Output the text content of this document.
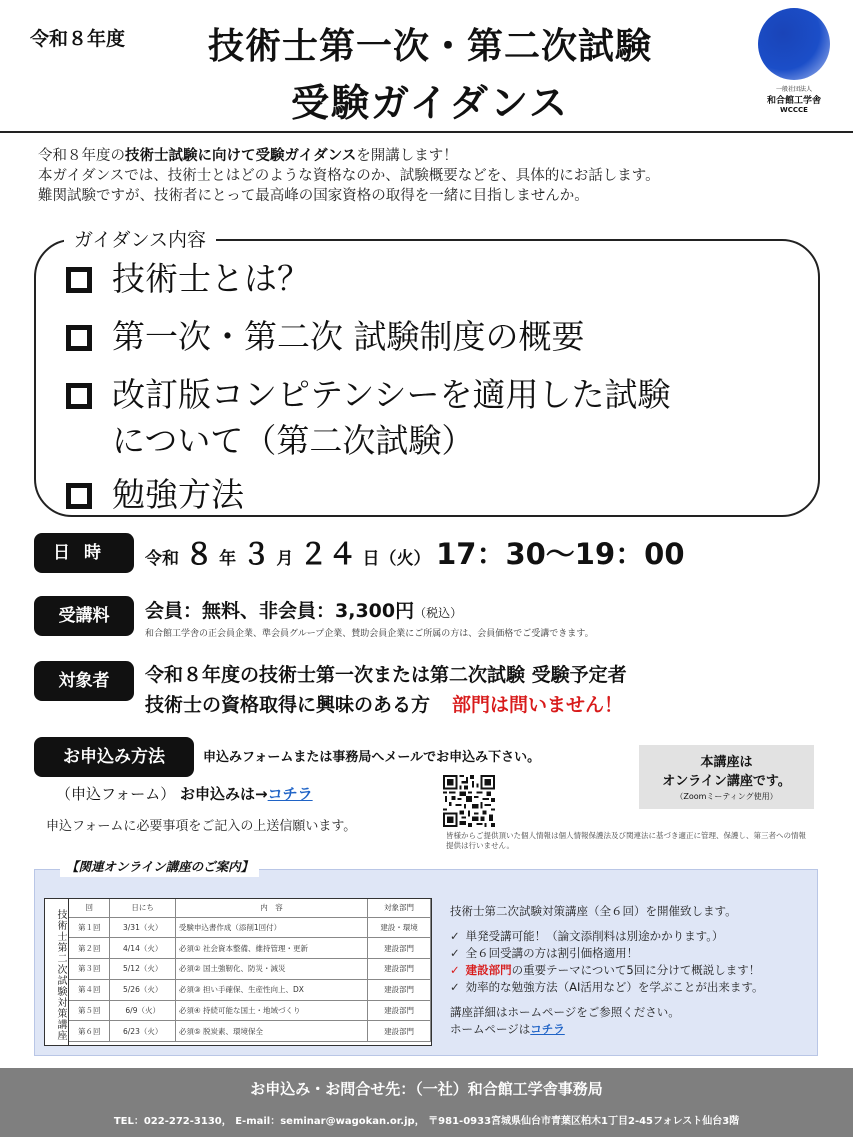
令和８年度	技術士第一次・第二次試験
受験ガイダンス	一般社団法人
和合館工学舎
WCCCE
令和８年度の技術士試験に向けて受験ガイダンスを開講します！
本ガイダンスでは、技術士とはどのような資格なのか、試験概要などを、具体的にお話します。
難関試験ですが、技術者にとって最高峰の国家資格の取得を一緒に目指しませんか。
ガイダンス内容
技術士とは？
第一次・第二次 試験制度の概要
改訂版コンピテンシーを適用した試験
について（第二次試験）
勉強方法
日時	令和 ８ 年 ３ 月 ２４ 日（火） 17：30〜19：00
受講料	会員：無料、非会員：3,300円（税込）
和合館工学舎の正会員企業、準会員グループ企業、賛助会員企業にご所属の方は、会員価格でご受講できます。
対象者	令和８年度の技術士第一次または第二次試験 受験予定者
技術士の資格取得に興味のある方 部門は問いません！
お申込み方法	申込みフォームまたは事務局へメールでお申込み下さい。
（申込フォーム） お申込みは→コチラ
申込フォームに必要事項をご記入の上送信願います。
皆様からご提供頂いた個人情報は個人情報保護法及び関連法に基づき適正に管理、保護し、第三者への情報提供は行いません。
本講座は
オンライン講座です。
（Zoomミーティング使用）
【関連オンライン講座のご案内】
技術士第二次試験対策講座
回	日にち	内　容	対象部門
第１回	3/31（火）	受験申込書作成（添削1回付）	建設・環境
第２回	4/14（火）	必須① 社会資本整備、維持管理・更新	建設部門
第３回	5/12（火）	必須② 国土強靭化、防災・減災	建設部門
第４回	5/26（火）	必須③ 担い手確保、生産性向上、DX	建設部門
第５回	6/9（火）	必須④ 持続可能な国土・地域づくり	建設部門
第６回	6/23（火）	必須⑤ 脱炭素、環境保全	建設部門
技術士第二次試験対策講座（全６回）を開催致します。
✓ 単発受講可能！（論文添削料は別途かかります。）
✓ 全６回受講の方は割引価格適用！
✓ 建設部門の重要テーマについて5回に分けて概説します！
✓ 効率的な勉強方法（AI活用など）を学ぶことが出来ます。
講座詳細はホームページをご参照ください。
ホームページはコチラ
お申込み・お問合せ先：（一社）和合館工学舎事務局
TEL：022-272-3130， E-mail：seminar@wagokan.or.jp， 〒981-0933宮城県仙台市青葉区柏木1丁目2-45フォレスト仙台3階
